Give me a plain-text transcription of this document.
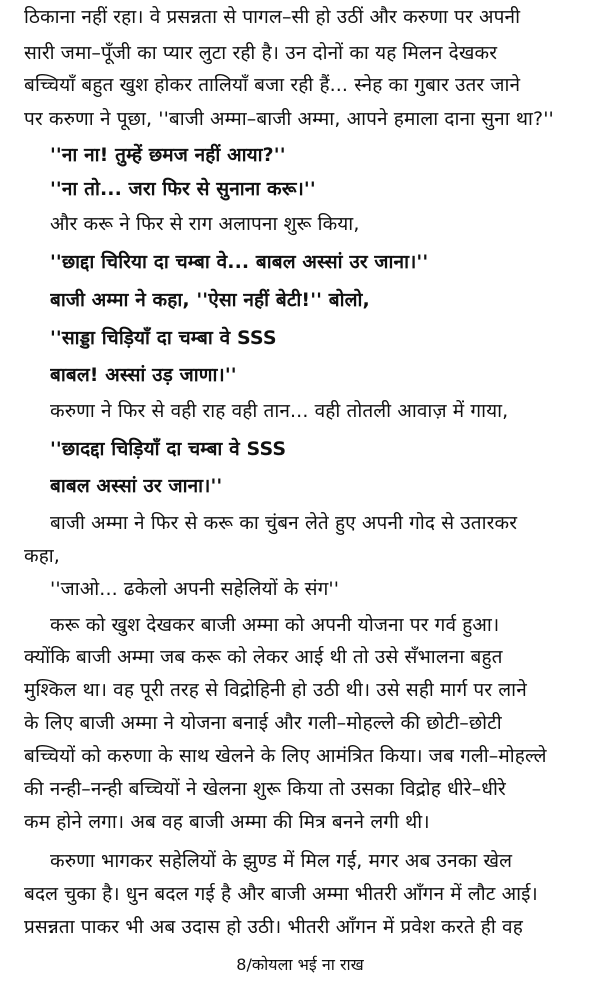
ठिकाना नहीं रहा। वे प्रसन्नता से पागल–सी हो उठीं और करुणा पर अपनी
सारी जमा–पूँजी का प्यार लुटा रही है। उन दोनों का यह मिलन देखकर
बच्चियाँ बहुत खुश होकर तालियाँ बजा रही हैं... स्नेह का गुबार उतर जाने
पर करुणा ने पूछा, ''बाजी अम्मा–बाजी अम्मा, आपने हमाला दाना सुना था?''
''ना ना! तुम्हें छमज नहीं आया?''
''ना तो... जरा फिर से सुनाना करू।''
और करू ने फिर से राग अलापना शुरू किया,
''छाद्दा चिरिया दा चम्बा वे... बाबल अस्सां उर जाना।''
बाजी अम्मा ने कहा, ''ऐसा नहीं बेटी!'' बोलो,
''साड्डा चिड़ियाँ दा चम्बा वे SSS
बाबल! अस्सां उड़ जाणा।''
करुणा ने फिर से वही राह वही तान... वही तोतली आवाज़ में गाया,
''छादद्दा चिड़ियाँ दा चम्बा वे SSS
बाबल अस्सां उर जाना।''
बाजी अम्मा ने फिर से करू का चुंबन लेते हुए अपनी गोद से उतारकर
कहा,
''जाओ... ढकेलो अपनी सहेलियों के संग''
करू को खुश देखकर बाजी अम्मा को अपनी योजना पर गर्व हुआ।
क्योंकि बाजी अम्मा जब करू को लेकर आई थी तो उसे सँभालना बहुत
मुश्किल था। वह पूरी तरह से विद्रोहिनी हो उठी थी। उसे सही मार्ग पर लाने
के लिए बाजी अम्मा ने योजना बनाई और गली–मोहल्ले की छोटी–छोटी
बच्चियों को करुणा के साथ खेलने के लिए आमंत्रित किया। जब गली–मोहल्ले
की नन्ही–नन्ही बच्चियों ने खेलना शुरू किया तो उसका विद्रोह धीरे–धीरे
कम होने लगा। अब वह बाजी अम्मा की मित्र बनने लगी थी।
करुणा भागकर सहेलियों के झुण्ड में मिल गई, मगर अब उनका खेल
बदल चुका है। धुन बदल गई है और बाजी अम्मा भीतरी आँगन में लौट आई।
प्रसन्नता पाकर भी अब उदास हो उठी। भीतरी आँगन में प्रवेश करते ही वह
8/कोयला भई ना राख
